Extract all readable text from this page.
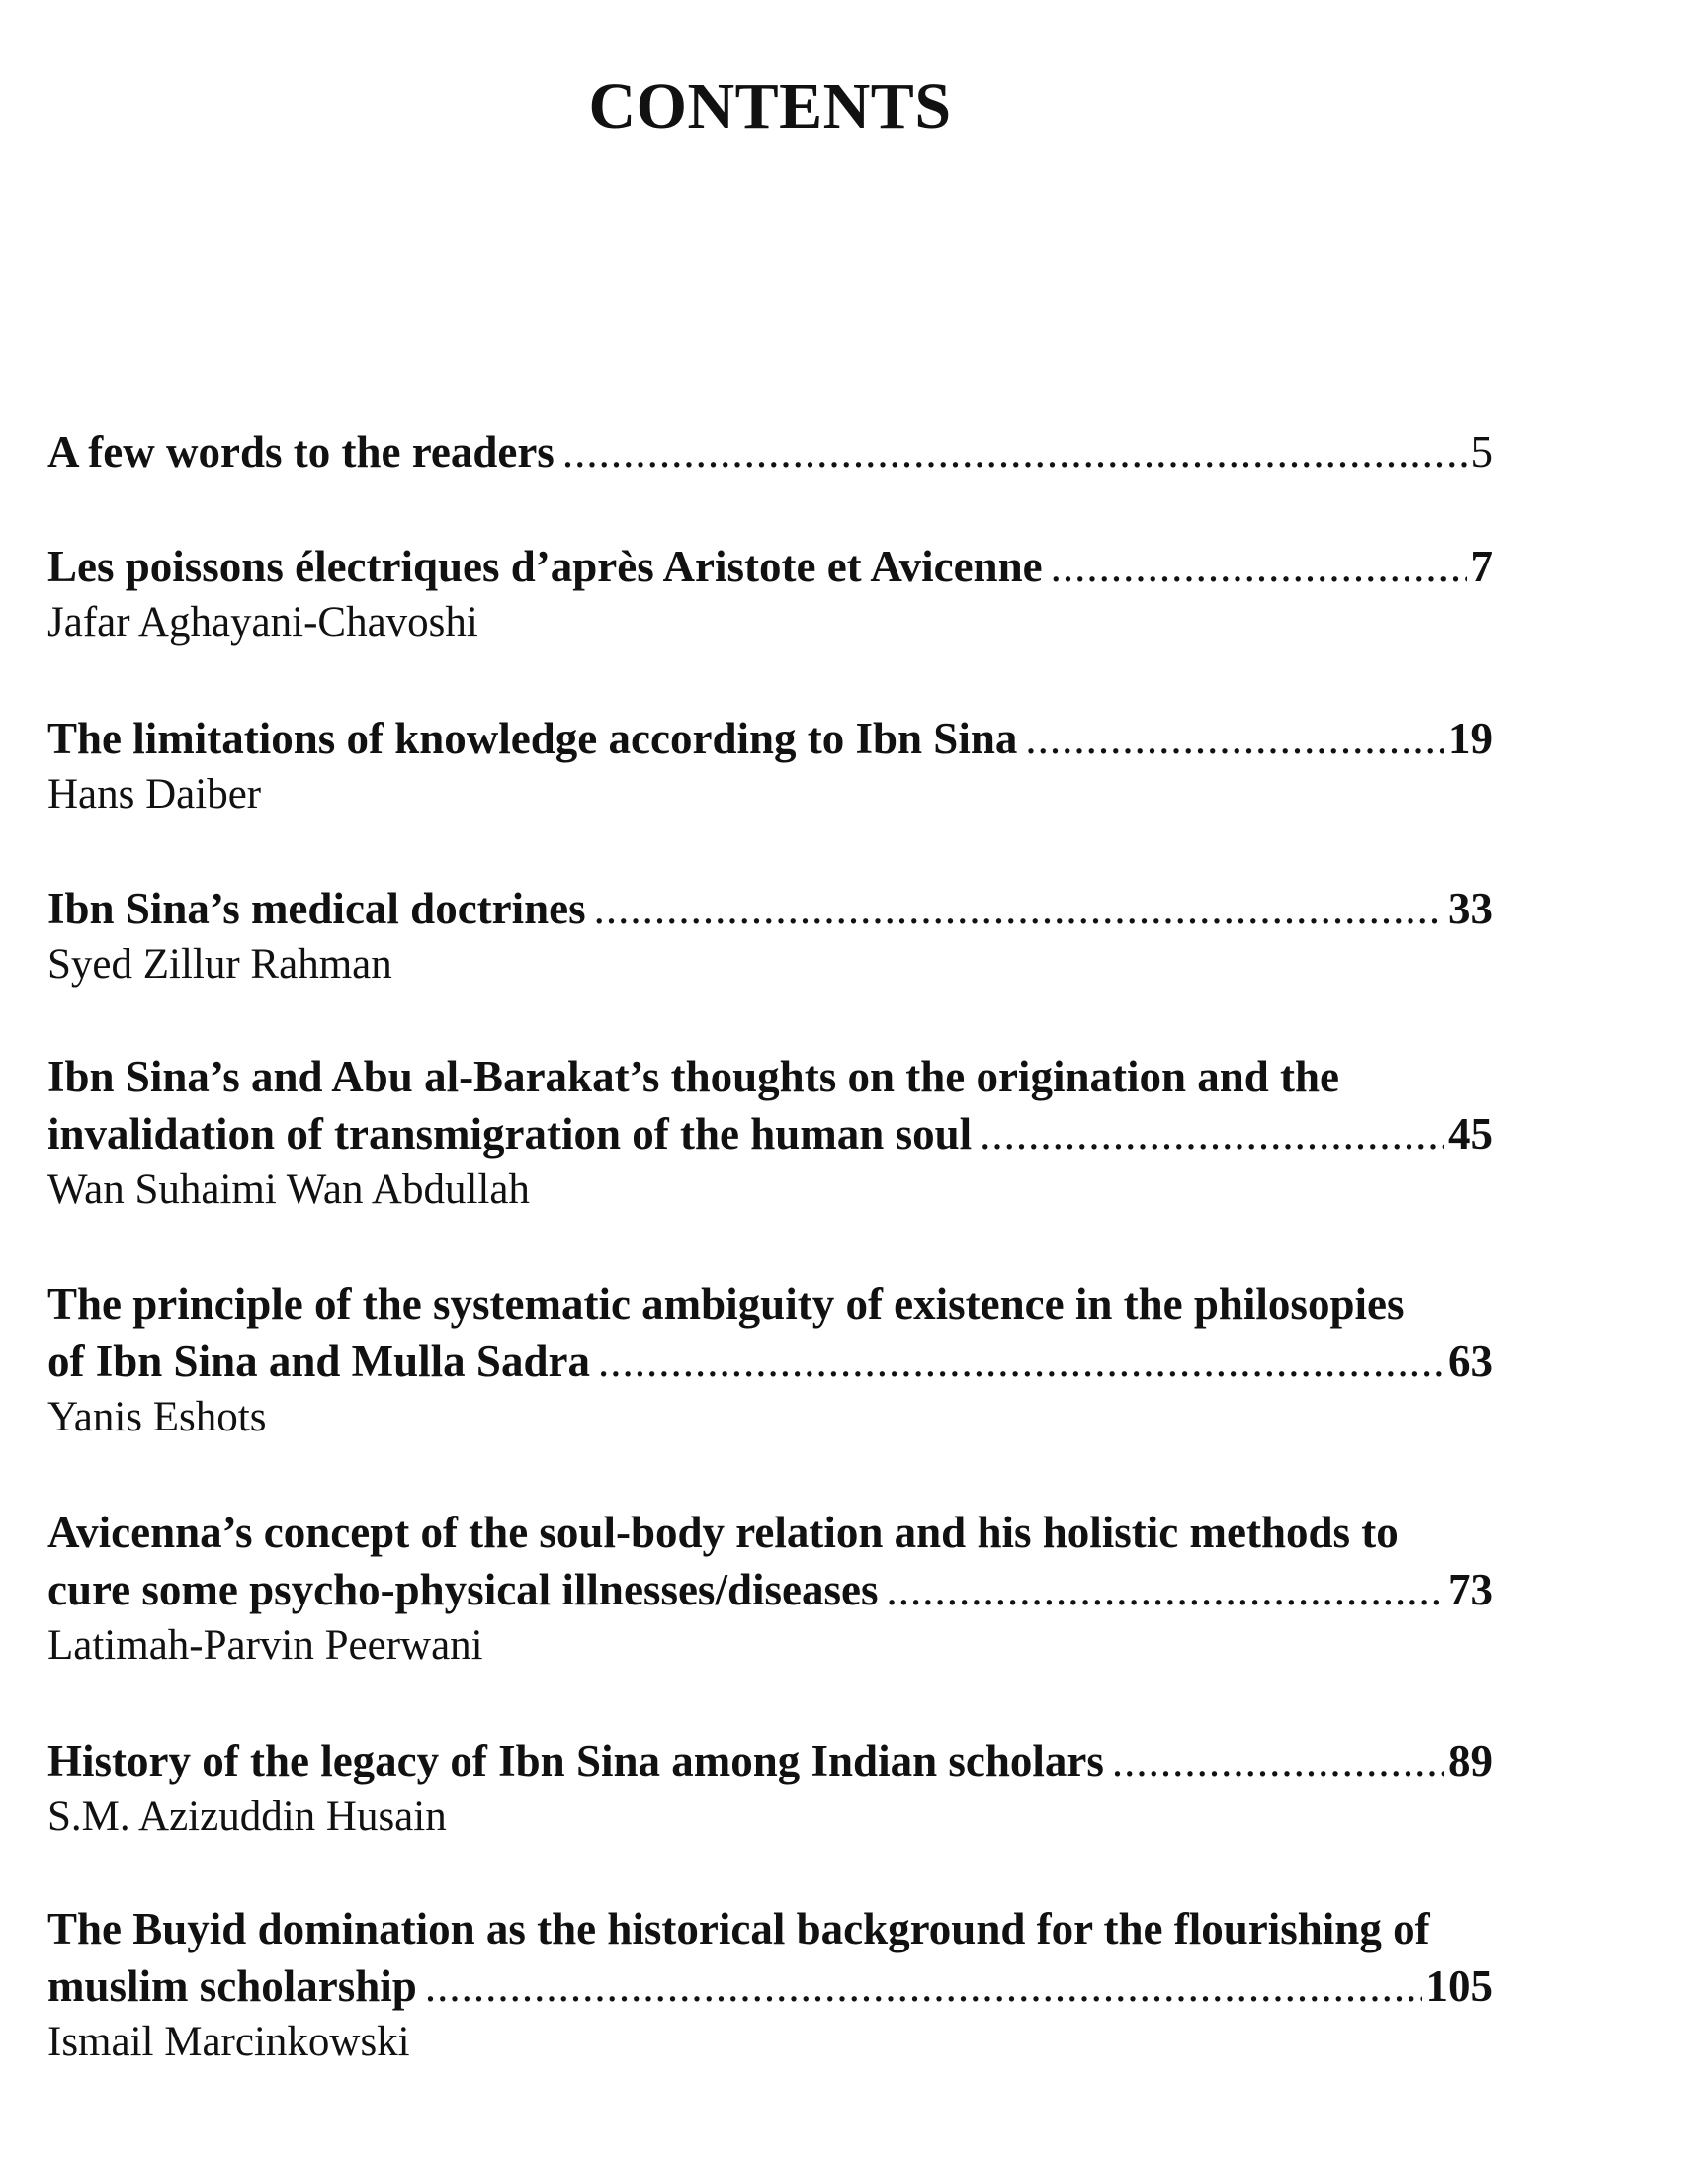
CONTENTS
A few words to the readers .....	5
Les poissons électriques d’après Aristote et Avicenne .....	7
Jafar Aghayani-Chavoshi
The limitations of knowledge according to Ibn Sina .....	19
Hans Daiber
Ibn Sina’s medical doctrines .....	33
Syed Zillur Rahman
Ibn Sina’s and Abu al-Barakat’s thoughts on the origination and the
invalidation of transmigration of the human soul .....	45
Wan Suhaimi Wan Abdullah
The principle of the systematic ambiguity of existence in the philosopies
of Ibn Sina and Mulla Sadra .....	63
Yanis Eshots
Avicenna’s concept of the soul-body relation and his holistic methods to
cure some psycho-physical illnesses/diseases .....	73
Latimah-Parvin Peerwani
History of the legacy of Ibn Sina among Indian scholars .....	89
S.M. Azizuddin Husain
The Buyid domination as the historical background for the flourishing of
muslim scholarship .....	105
Ismail Marcinkowski
